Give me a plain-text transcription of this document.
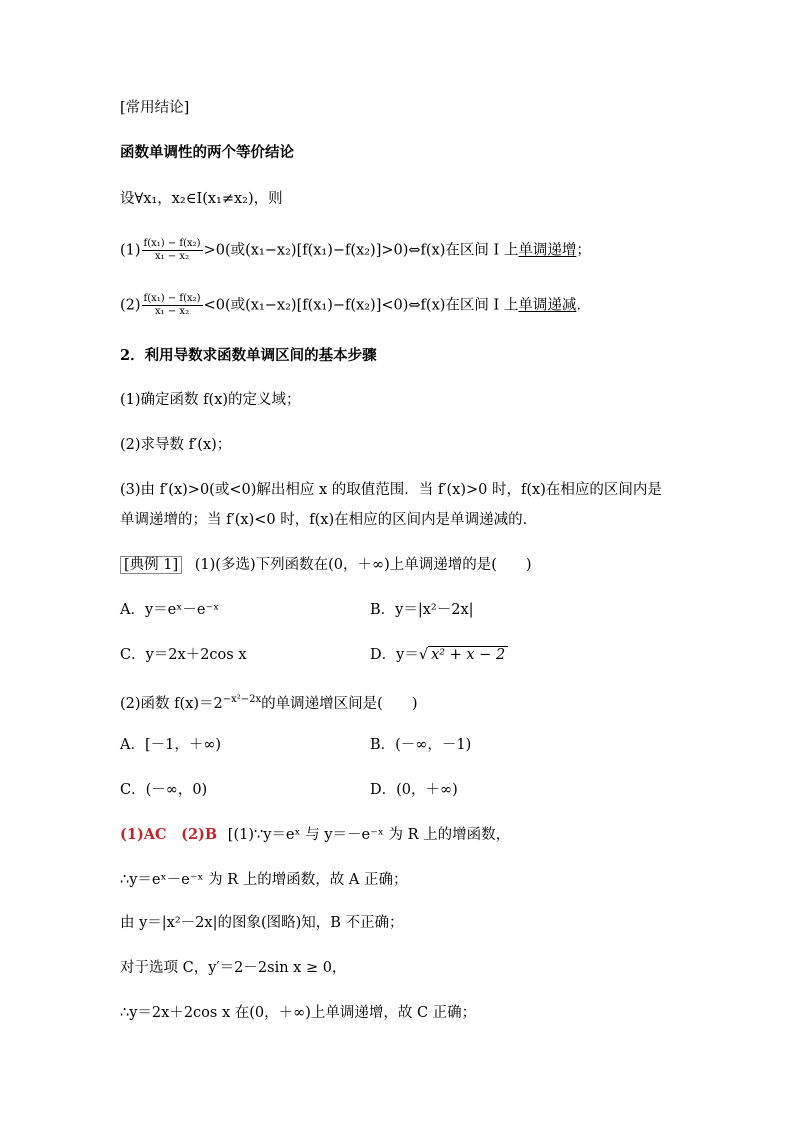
[常用结论]
函数单调性的两个等价结论
设∀x₁，x₂∈I(x₁≠x₂)，则
$(1) \frac{\text{f(x₁) − f(x₂)}}{\text{x₁ − x₂}} >0$(或(x₁−x₂)[f(x₁)−f(x₂)]>0)⇔f(x)在区间 I 上单调递增；
$(2) \frac{\text{f(x₁) − f(x₂)}}{\text{x₁ − x₂}} <0$(或(x₁−x₂)[f(x₁)−f(x₂)]<0)⇔f(x)在区间 I 上单调递减.
2．利用导数求函数单调区间的基本步骤
(1)确定函数 f(x)的定义域；
(2)求导数 f′(x)；
(3)由 f′(x)>0(或<0)解出相应 x 的取值范围．当 f′(x)>0 时，f(x)在相应的区间内是
单调递增的；当 f′(x)<0 时，f(x)在相应的区间内是单调递减的．
[典例 1] (1)(多选)下列函数在(0，＋∞)上单调递增的是(　　)
A．y＝eˣ－e⁻ˣ	B．y＝|x²－2x|
C．y＝2x＋2cos x	D．y＝√ x² + x − 2
(2)函数 $f(x)=2^{-x^2-2x}$的单调递增区间是(　　)
A．[－1，＋∞)	B．(－∞，－1)
C．(－∞，0)	D．(0，＋∞)
(1)AC　(2)B [(1)∵y＝eˣ 与 y＝－e⁻ˣ 为 R 上的增函数，
∴y＝eˣ－e⁻ˣ 为 R 上的增函数，故 A 正确；
由 y＝|x²－2x|的图象(图略)知，B 不正确；
对于选项 C，y′＝2－2sin x ≥ 0，
∴y＝2x＋2cos x 在(0，＋∞)上单调递增，故 C 正确；
